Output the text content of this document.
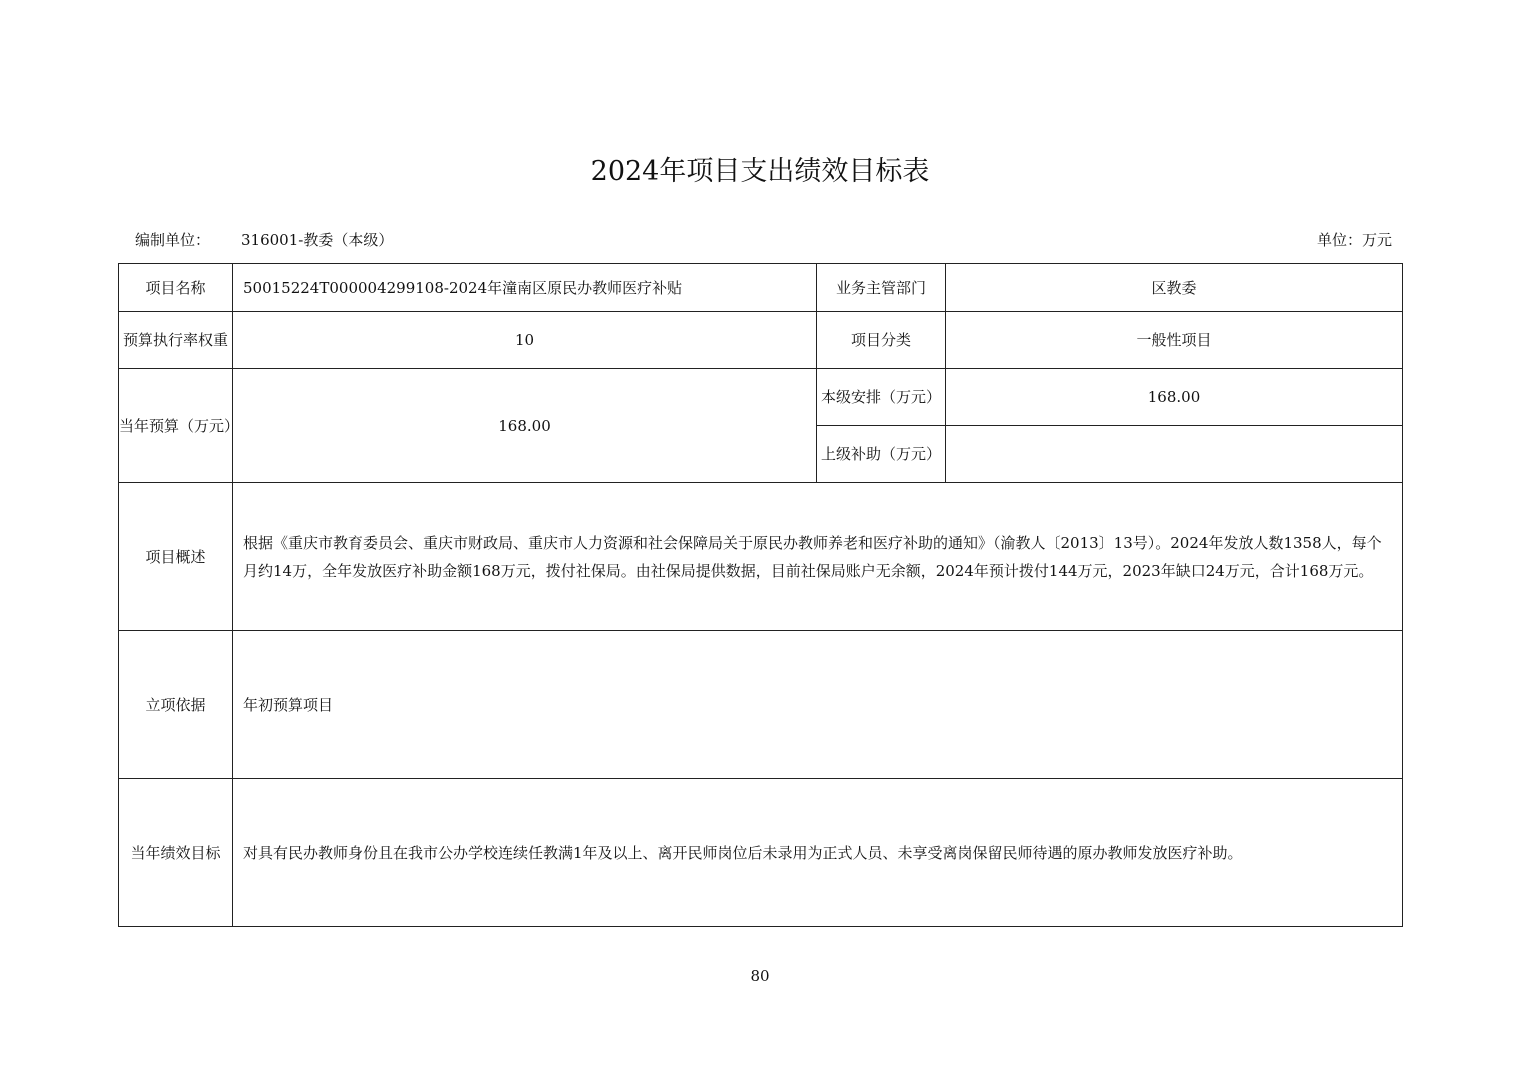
2024年项目支出绩效目标表
编制单位： 316001-教委（本级）	单位：万元
项目名称	50015224T000004299108-2024年潼南区原民办教师医疗补贴	业务主管部门	区教委
预算执行率权重	10	项目分类	一般性项目
当年预算（万元）	168.00	本级安排（万元）	168.00
		上级补助（万元）	
项目概述	根据《重庆市教育委员会、重庆市财政局、重庆市人力资源和社会保障局关于原民办教师养老和医疗补助的通知》（渝教人〔2013〕13号）。2024年发放人数1358人，每个月约14万，全年发放医疗补助金额168万元，拨付社保局。由社保局提供数据，目前社保局账户无余额，2024年预计拨付144万元，2023年缺口24万元，合计168万元。		
立项依据	年初预算项目		
当年绩效目标	对具有民办教师身份且在我市公办学校连续任教满1年及以上、离开民师岗位后未录用为正式人员、未享受离岗保留民师待遇的原办教师发放医疗补助。		
80
